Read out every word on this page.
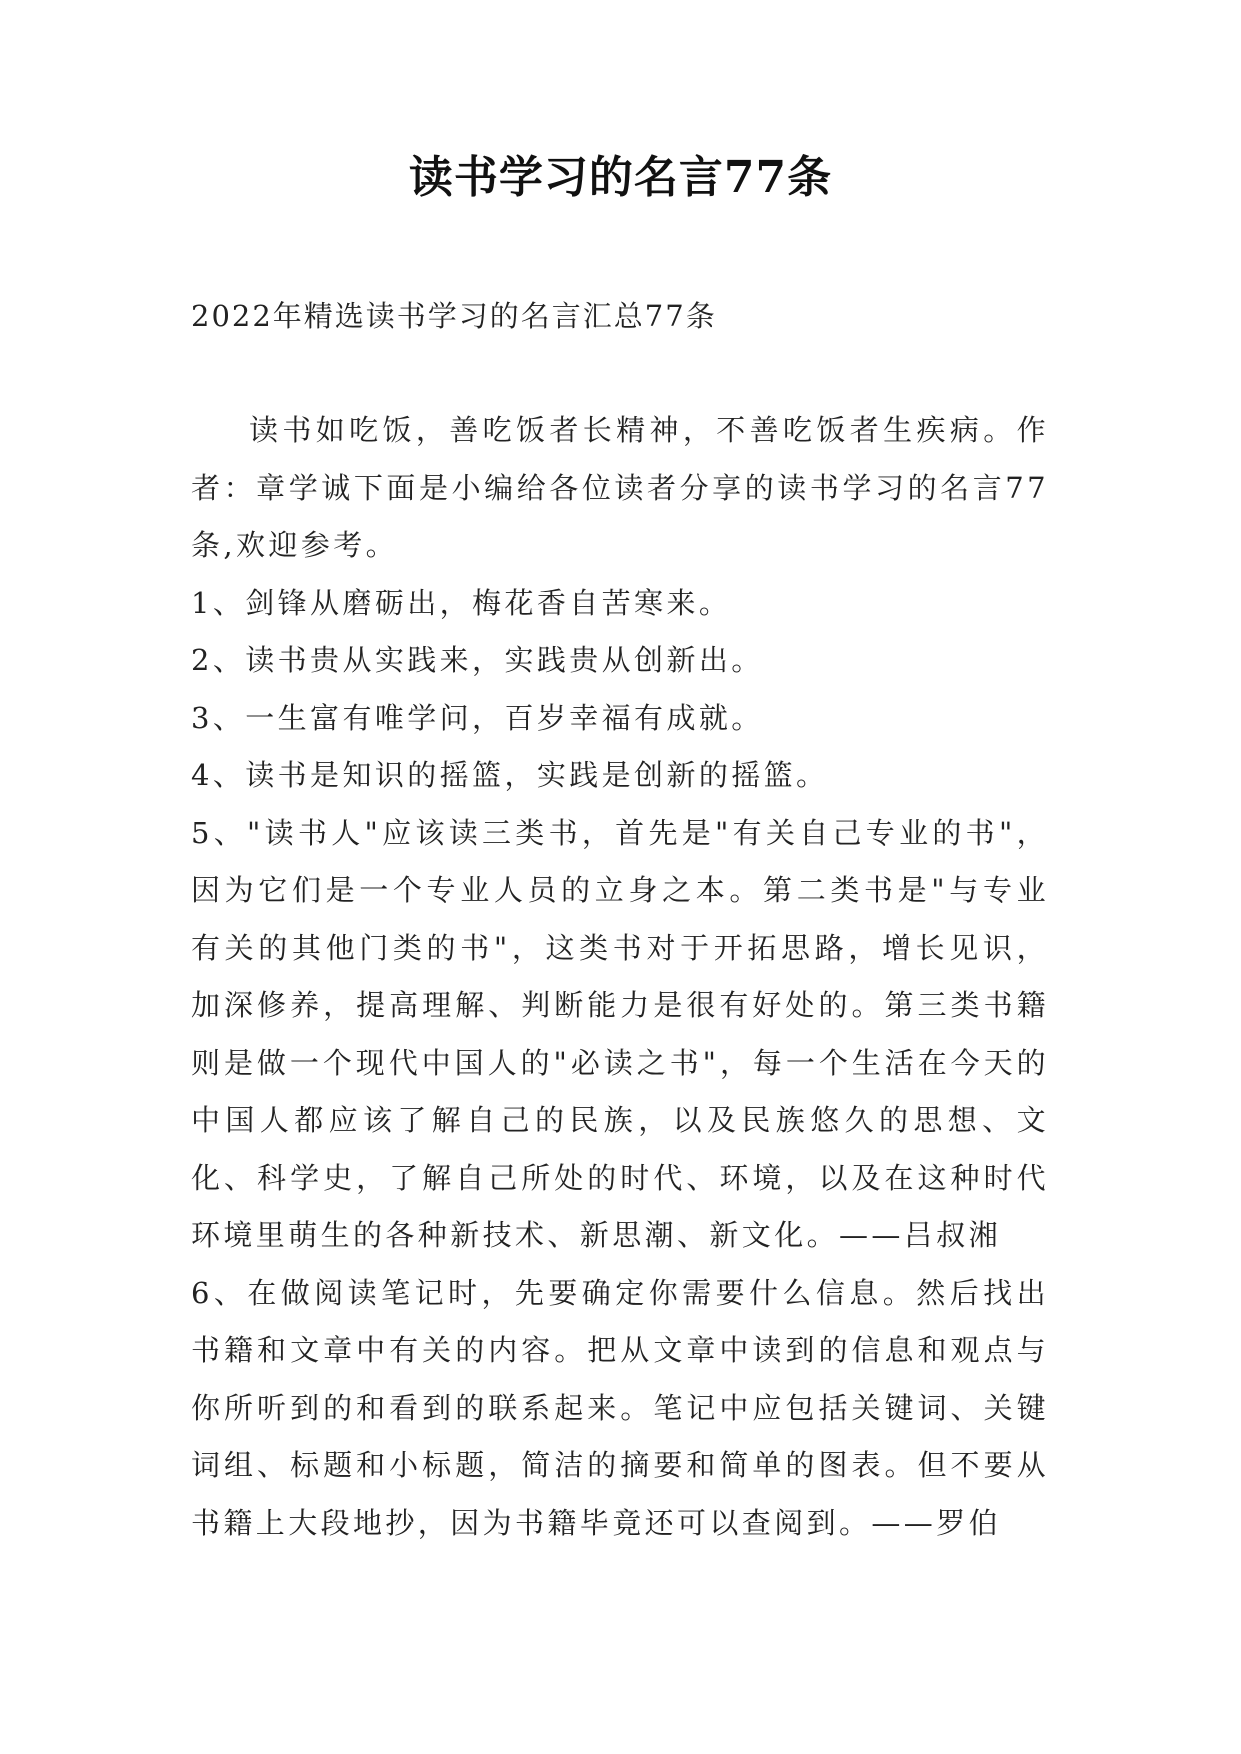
读书学习的名言77条
2022年精选读书学习的名言汇总77条

读书如吃饭，善吃饭者长精神，不善吃饭者生疾病。作者：章学诚下面是小编给各位读者分享的读书学习的名言77条,欢迎参考。

1、剑锋从磨砺出，梅花香自苦寒来。

2、读书贵从实践来，实践贵从创新出。

3、一生富有唯学问，百岁幸福有成就。

4、读书是知识的摇篮，实践是创新的摇篮。

5、"读书人"应该读三类书，首先是"有关自己专业的书"，因为它们是一个专业人员的立身之本。第二类书是"与专业有关的其他门类的书"，这类书对于开拓思路，增长见识，加深修养，提高理解、判断能力是很有好处的。第三类书籍则是做一个现代中国人的"必读之书"，每一个生活在今天的中国人都应该了解自己的民族，以及民族悠久的思想、文化、科学史，了解自己所处的时代、环境，以及在这种时代环境里萌生的各种新技术、新思潮、新文化。——吕叔湘

6、在做阅读笔记时，先要确定你需要什么信息。然后找出书籍和文章中有关的内容。把从文章中读到的信息和观点与你所听到的和看到的联系起来。笔记中应包括关键词、关键词组、标题和小标题，简洁的摘要和简单的图表。但不要从书籍上大段地抄，因为书籍毕竟还可以查阅到。——罗伯
